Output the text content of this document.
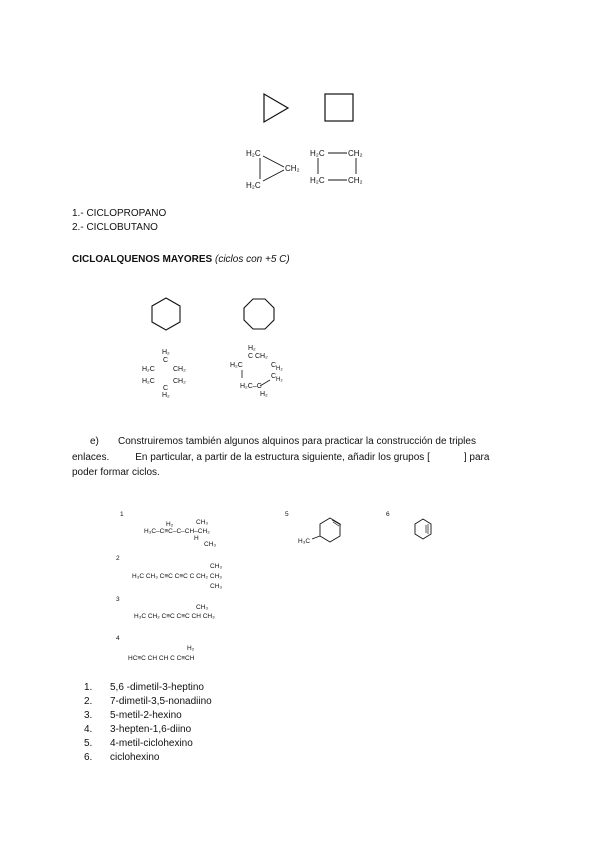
H₂C
CH₂
H₂C
H₂C	CH₂
H₂C	CH₂
1.- CICLOPROPANO
2.- CICLOBUTANO
CICLOALQUENOS MAYORES (ciclos con +5 C)
H₂
C
H₂C	CH₂
H₂C	CH₂
C
H₂
H₂
C CH₂
H₂C	C H₂
C H₂
H₂C–C
H₂
e) Construiremos también algunos alquinos para practicar la construcción de triples
enlaces.	En particular, a partir de la estructura siguiente, añadir los grupos [	] para
poder formar ciclos.
1
H₂	CH₃
H₃C–C≡C–C–CH–CH₃
H
CH₃
5
H₃C
6
2
CH₃
H₃C CH₃ C≡C C≡C C CH₂ CH₃
CH₃
3
CH₃
H₃C CH₂ C≡C C≡C CH CH₃
4
H₂
HC≡C CH CH C C≡CH
1. 5,6 -dimetil-3-heptino
2. 7-dimetil-3,5-nonadiino
3. 5-metil-2-hexino
4. 3-hepten-1,6-diino
5. 4-metil-ciclohexino
6. ciclohexino
